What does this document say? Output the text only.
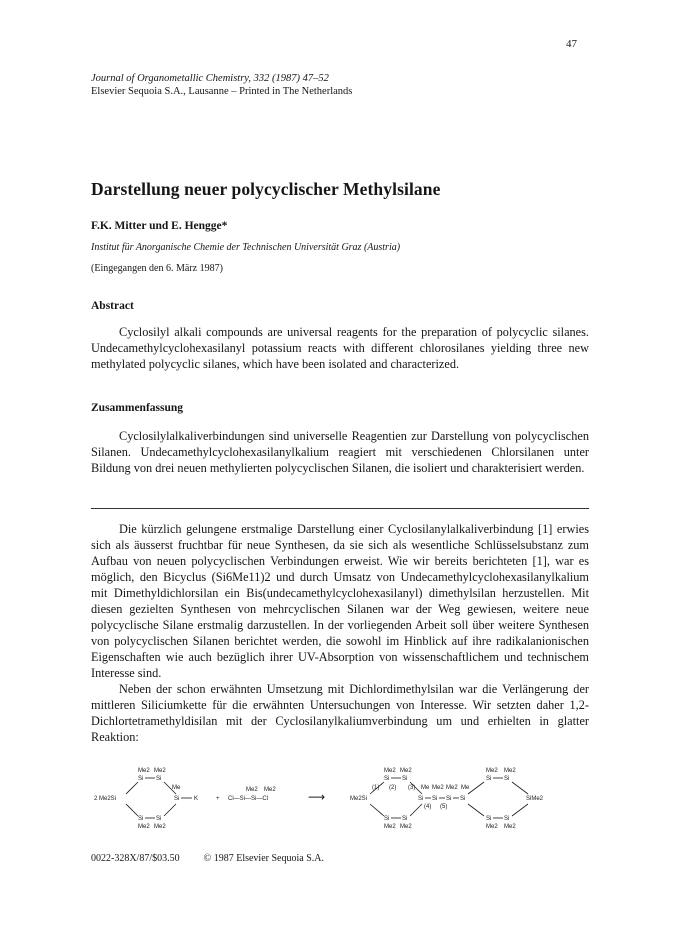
47
Journal of Organometallic Chemistry, 332 (1987) 47–52
Elsevier Sequoia S.A., Lausanne – Printed in The Netherlands
Darstellung neuer polycyclischer Methylsilane
F.K. Mitter und E. Hengge*
Institut für Anorganische Chemie der Technischen Universität Graz (Austria)
(Eingegangen den 6. März 1987)
Abstract
Cyclosilyl alkali compounds are universal reagents for the preparation of polycyclic silanes. Undecamethylcyclohexasilanyl potassium reacts with different chlorosilanes yielding three new methylated polycyclic silanes, which have been isolated and characterized.
Zusammenfassung
Cyclosilylalkaliverbindungen sind universelle Reagentien zur Darstellung von polycyclischen Silanen. Undecamethylcyclohexasilanylkalium reagiert mit verschiedenen Chlorsilanen unter Bildung von drei neuen methylierten polycyclischen Silanen, die isoliert und charakterisiert werden.
Die kürzlich gelungene erstmalige Darstellung einer Cyclosilanylalkaliverbindung [1] erwies sich als äusserst fruchtbar für neue Synthesen, da sie sich als wesentliche Schlüsselsubstanz zum Aufbau von neuen polycyclischen Verbindungen erweist. Wie wir bereits berichteten [1], war es möglich, den Bicyclus (Si6Me11)2 und durch Umsatz von Undecamethylcyclohexasilanylkalium mit Dimethyldichlorsilan ein Bis(undecamethylcyclohexasilanyl) dimethylsilan herzustellen. Mit diesen gezielten Synthesen von mehrcyclischen Silanen war der Weg gewiesen, weitere neue polycyclische Silane erstmalig darzustellen. In der vorliegenden Arbeit soll über weitere Synthesen von polycyclischen Silanen berichtet werden, die sowohl im Hinblick auf ihre radikalanionischen Eigenschaften wie auch bezüglich ihrer UV-Absorption von wissenschaftlichem und technischem Interesse sind.
Neben der schon erwähnten Umsetzung mit Dichlordimethylsilan war die Verlängerung der mittleren Siliciumkette für die erwähnten Untersuchungen von Interesse. Wir setzten daher 1,2-Dichlortetramethyldisilan mit der Cyclosilanylkaliumverbindung um und erhielten in glatter Reaktion:
Me2 Me2
Si Si
Me
2 Me2Si	Si K
Si Si
Me2 Me2
+
Me2 Me2
Cl—Si—Si—Cl	⟶
Me2 Me2
Si Si
(1) (2) (3) Me
Me2Si	Si Si Si Si
Me2 Me2
(4) (5)
Me
Si Si
Me2 Me2
Me2 Me2
Si Si
SiMe2
Si Si
Me2 Me2
0022-328X/87/$03.50 © 1987 Elsevier Sequoia S.A.
